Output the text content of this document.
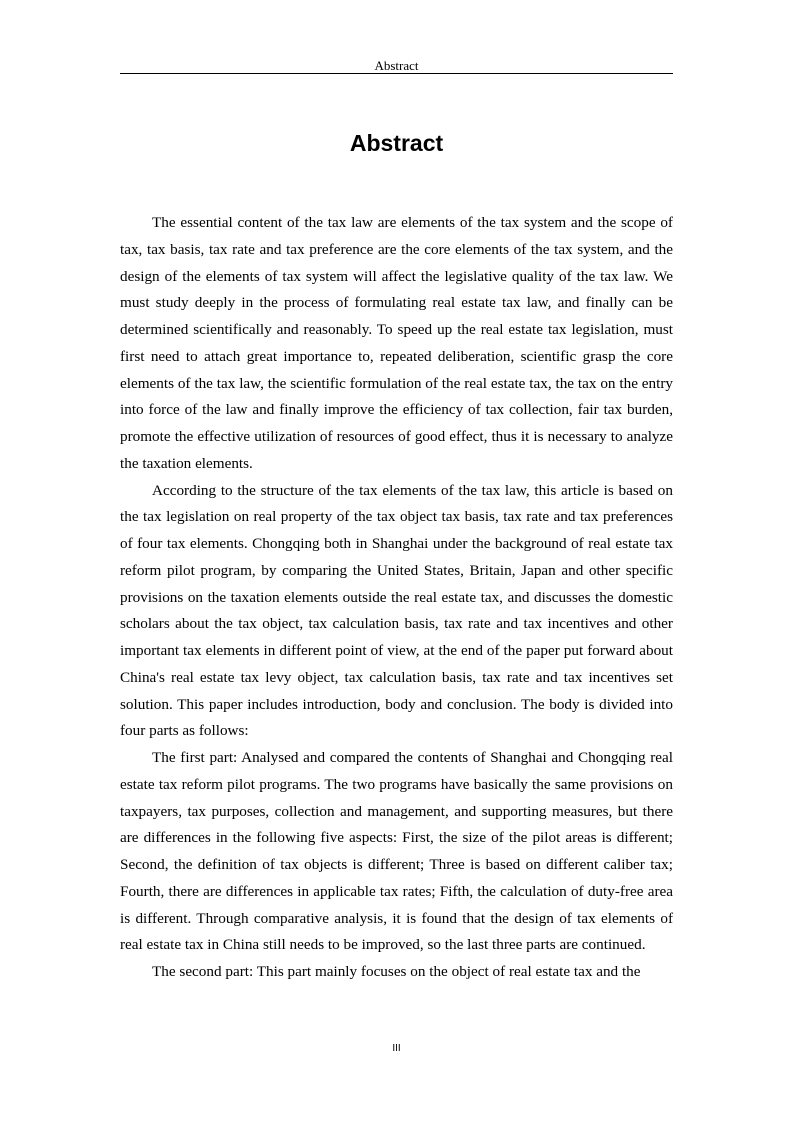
Abstract
Abstract

The essential content of the tax law are elements of the tax system and the scope of tax, tax basis, tax rate and tax preference are the core elements of the tax system, and the design of the elements of tax system will affect the legislative quality of the tax law. We must study deeply in the process of formulating real estate tax law, and finally can be determined scientifically and reasonably. To speed up the real estate tax legislation, must first need to attach great importance to, repeated deliberation, scientific grasp the core elements of the tax law, the scientific formulation of the real estate tax, the tax on the entry into force of the law and finally improve the efficiency of tax collection, fair tax burden, promote the effective utilization of resources of good effect, thus it is necessary to analyze the taxation elements.

According to the structure of the tax elements of the tax law, this article is based on the tax legislation on real property of the tax object tax basis, tax rate and tax preferences of four tax elements. Chongqing both in Shanghai under the background of real estate tax reform pilot program, by comparing the United States, Britain, Japan and other specific provisions on the taxation elements outside the real estate tax, and discusses the domestic scholars about the tax object, tax calculation basis, tax rate and tax incentives and other important tax elements in different point of view, at the end of the paper put forward about China's real estate tax levy object, tax calculation basis, tax rate and tax incentives set solution. This paper includes introduction, body and conclusion. The body is divided into four parts as follows:

The first part: Analysed and compared the contents of Shanghai and Chongqing real estate tax reform pilot programs. The two programs have basically the same provisions on taxpayers, tax purposes, collection and management, and supporting measures, but there are differences in the following five aspects: First, the size of the pilot areas is different; Second, the definition of tax objects is different; Three is based on different caliber tax; Fourth, there are differences in applicable tax rates; Fifth, the calculation of duty-free area is different. Through comparative analysis, it is found that the design of tax elements of real estate tax in China still needs to be improved, so the last three parts are continued.

The second part: This part mainly focuses on the object of real estate tax and the

III
